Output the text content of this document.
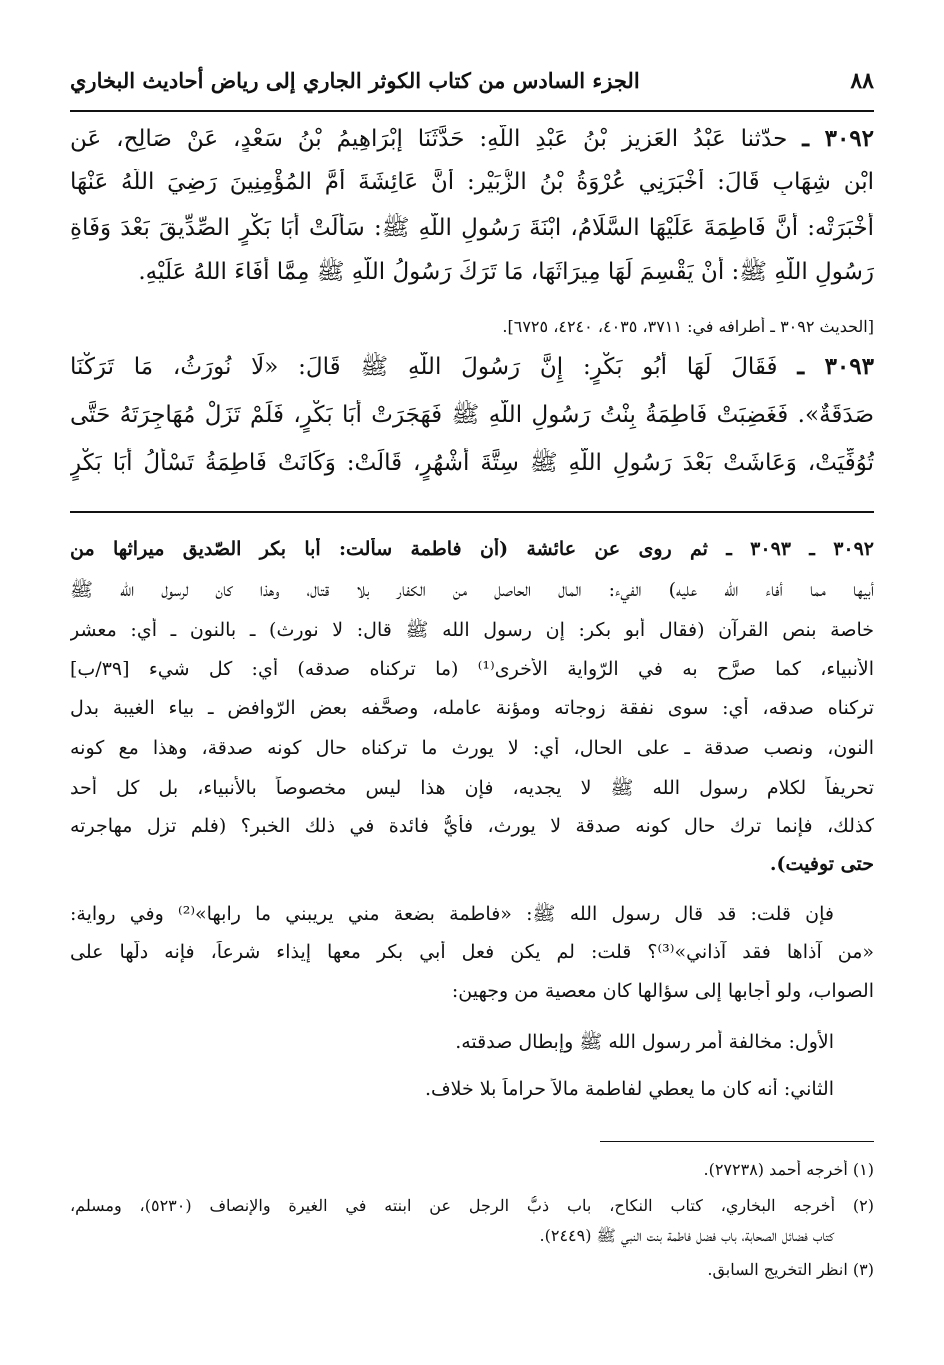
٨٨
الجزء السادس من كتاب الكوثر الجاري إلى رياض أحاديث البخاري
٣٠٩٢ ـ حدّثنا عَبْدُ العَزِيزِ بْنُ عَبْدِ اللَّهِ: حَدَّثَنَا إِبْرَاهِيمُ بْنُ سَعْدٍ، عَنْ صَالِحٍ، عَنِ
ابْنِ شِهَابٍ قَالَ: أَخْبَرَنِي عُرْوَةُ بْنُ الزُّبَيْرِ: أَنَّ عَائِشَةَ أُمَّ المُؤْمِنِينَ رَضِيَ اللَّهُ عَنْهَا
أَخْبَرَتْه: أَنَّ فَاطِمَةَ عَلَيْهَا السَّلَامُ، ابْنَةَ رَسُولِ اللَّهِ ﷺ: سَأَلَتْ أَبَا بَكْرٍ الصِّدِّيقَ بَعْدَ وَفَاةِ
رَسُولِ اللَّهِ ﷺ: أَنْ يَقْسِمَ لَهَا مِيرَاثَهَا، مَا تَرَكَ رَسُولُ اللَّهِ ﷺ مِمَّا أَفَاءَ اللهُ عَلَيْهِ.
[الحديث ٣٠٩٢ ـ أطرافه في: ٣٧١١، ٤٠٣٥، ٤٢٤٠، ٦٧٢٥].
٣٠٩٣ ـ فَقَالَ لَهَا أَبُو بَكْرٍ: إِنَّ رَسُولَ اللَّهِ ﷺ قَالَ: «لَا نُورَثُ، مَا تَرَكْنَا
صَدَقَةٌ». فَغَضِبَتْ فَاطِمَةُ بِنْتُ رَسُولِ اللَّهِ ﷺ فَهَجَرَتْ أَبَا بَكْرٍ، فَلَمْ تَزَلْ مُهَاجِرَتَهُ حَتَّى
تُوُفِّيَتْ، وَعَاشَتْ بَعْدَ رَسُولِ اللَّهِ ﷺ سِتَّةَ أَشْهُرٍ، قَالَتْ: وَكَانَتْ فَاطِمَةُ تَسْأَلُ أَبَا بَكْرٍ
٣٠٩٢ ـ ٣٠٩٣ ـ ثم روى عن عائشة (أن فاطمة سألت: أبا بكر الصّديق ميراثها من
أبيها مما أفاء الله عليه) الفيء: المال الحاصل من الكفار بلا قتال، وهذا كان لرسول الله ﷺ
خاصة بنص القرآن (فقال أبو بكر: إن رسول الله ﷺ قال: لا نورث) ـ بالنون ـ أي: معشر
الأنبياء، كما صرَّح به في الرّواية الأخرى⁽¹⁾ (ما تركناه صدقه) أي: كل شيء [٣٩/ب]
تركناه صدقه، أي: سوى نفقة زوجاته ومؤنة عامله، وصحَّفه بعض الرّوافض ـ بياء الغيبة بدل
النون، ونصب صدقة ـ على الحال، أي: لا يورث ما تركناه حال كونه صدقة، وهذا مع كونه
تحريفاً لكلام رسول الله ﷺ لا يجديه، فإن هذا ليس مخصوصاً بالأنبياء، بل كل أحد
كذلك، فإنما ترك حال كونه صدقة لا يورث، فأيُّ فائدة في ذلك الخبر؟ (فلم تزل مهاجرته
حتى توفيت).
فإن قلت: قد قال رسول الله ﷺ: «فاطمة بضعة مني يريبني ما رابها»⁽²⁾ وفي رواية:
«من آذاها فقد آذاني»⁽³⁾؟ قلت: لم يكن فعل أبي بكر معها إيذاء شرعاً، فإنه دلَّها على
الصواب، ولو أجابها إلى سؤالها كان معصية من وجهين:
الأول: مخالفة أمر رسول الله ﷺ وإبطال صدقته.
الثاني: أنه كان ما يعطي لفاطمة مالاً حراماً بلا خلاف.
(١) أخرجه أحمد (٢٧٢٣٨).
(٢) أخرجه البخاري، كتاب النكاح، باب ذبُّ الرجل عن ابنته في الغيرة والإنصاف (٥٢٣٠)، ومسلم،
كتاب فضائل الصحابة، باب فضل فاطمة بنت النبي ﷺ (٢٤٤٩).
(٣) انظر التخريج السابق.
